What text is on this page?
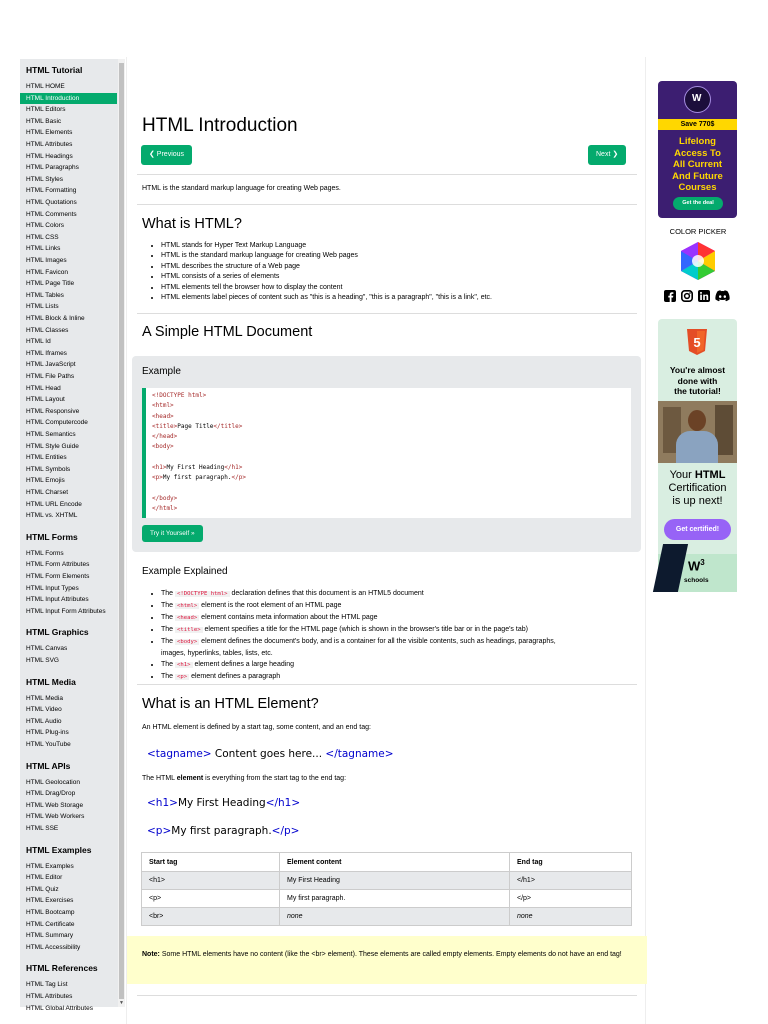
HTML Tutorial
HTML HOME
HTML Introduction
HTML Editors
HTML Basic
HTML Elements
HTML Attributes
HTML Headings
HTML Paragraphs
HTML Styles
HTML Formatting
HTML Quotations
HTML Comments
HTML Colors
HTML CSS
HTML Links
HTML Images
HTML Favicon
HTML Page Title
HTML Tables
HTML Lists
HTML Block & Inline
HTML Classes
HTML Id
HTML Iframes
HTML JavaScript
HTML File Paths
HTML Head
HTML Layout
HTML Responsive
HTML Computercode
HTML Semantics
HTML Style Guide
HTML Entities
HTML Symbols
HTML Emojis
HTML Charset
HTML URL Encode
HTML vs. XHTML
HTML Forms
HTML Forms
HTML Form Attributes
HTML Form Elements
HTML Input Types
HTML Input Attributes
HTML Input Form Attributes
HTML Graphics
HTML Canvas
HTML SVG
HTML Media
HTML Media
HTML Video
HTML Audio
HTML Plug-ins
HTML YouTube
HTML APIs
HTML Geolocation
HTML Drag/Drop
HTML Web Storage
HTML Web Workers
HTML SSE
HTML Examples
HTML Examples
HTML Editor
HTML Quiz
HTML Exercises
HTML Bootcamp
HTML Certificate
HTML Summary
HTML Accessibility
HTML References
HTML Tag List
HTML Attributes
HTML Global Attributes
▼
HTML Introduction
❮ Previous	Next ❯
HTML is the standard markup language for creating Web pages.
What is HTML?
• HTML stands for Hyper Text Markup Language
• HTML is the standard markup language for creating Web pages
• HTML describes the structure of a Web page
• HTML consists of a series of elements
• HTML elements tell the browser how to display the content
• HTML elements label pieces of content such as "this is a heading", "this is a paragraph", "this is a link", etc.
A Simple HTML Document
Example
<!DOCTYPE html>
<html>
<head>
<title>Page Title</title>
</head>
<body>
<h1>My First Heading</h1>
<p>My first paragraph.</p>
</body>
</html>
Try it Yourself »
Example Explained
• The <!DOCTYPE html> declaration defines that this document is an HTML5 document
• The <html> element is the root element of an HTML page
• The <head> element contains meta information about the HTML page
• The <title> element specifies a title for the HTML page (which is shown in the browser's title bar or in the page's tab)
• The <body> element defines the document's body, and is a container for all the visible contents, such as headings, paragraphs,
images, hyperlinks, tables, lists, etc.
• The <h1> element defines a large heading
• The <p> element defines a paragraph
What is an HTML Element?
An HTML element is defined by a start tag, some content, and an end tag:
<tagname> Content goes here... </tagname>
The HTML element is everything from the start tag to the end tag:
<h1>My First Heading</h1>
<p>My first paragraph.</p>
Start tag	Element content	End tag
<h1>	My First Heading	</h1>
<p>	My first paragraph.	</p>
<br>	none	none
Note: Some HTML elements have no content (like the <br> element). These elements are called empty elements. Empty elements do not have an end tag!
W
Save 770$
Lifelong
Access To
All Current
And Future
Courses
Get the deal
COLOR PICKER
5
You're almost
done with
the tutorial!
Your HTML
Certification
is up next!
Get certified!
$W^3$
schools
